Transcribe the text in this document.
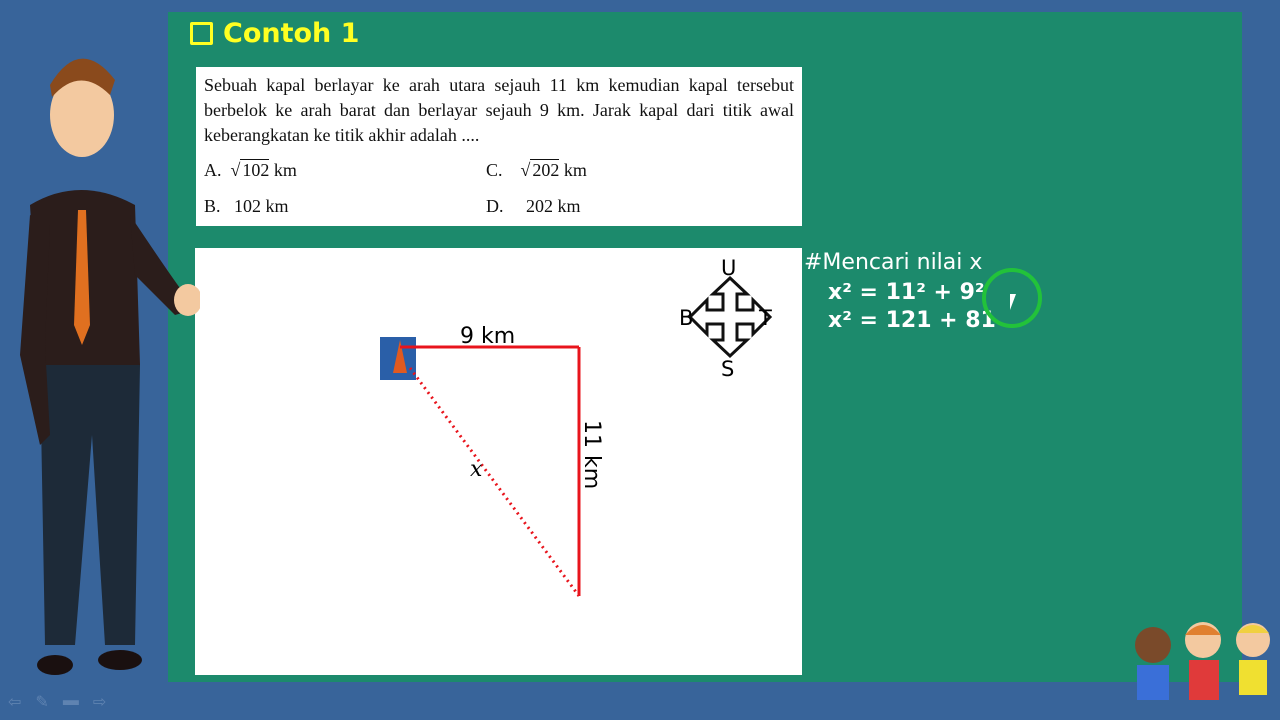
Contoh 1

Sebuah kapal berlayar ke arah utara sejauh 11 km kemudian kapal tersebut berbelok ke arah barat dan berlayar sejauh 9 km. Jarak kapal dari titik awal keberangkatan ke titik akhir adalah ....

A.  √ 102 km	C.    √ 202 km
B. 102 km	D. 202 km
9 km
11 km
x
U
S
B	T
#Mencari nilai x
x² = 11² + 9²
x² = 121 + 81
⇦ ✎ ▬ ⇨
